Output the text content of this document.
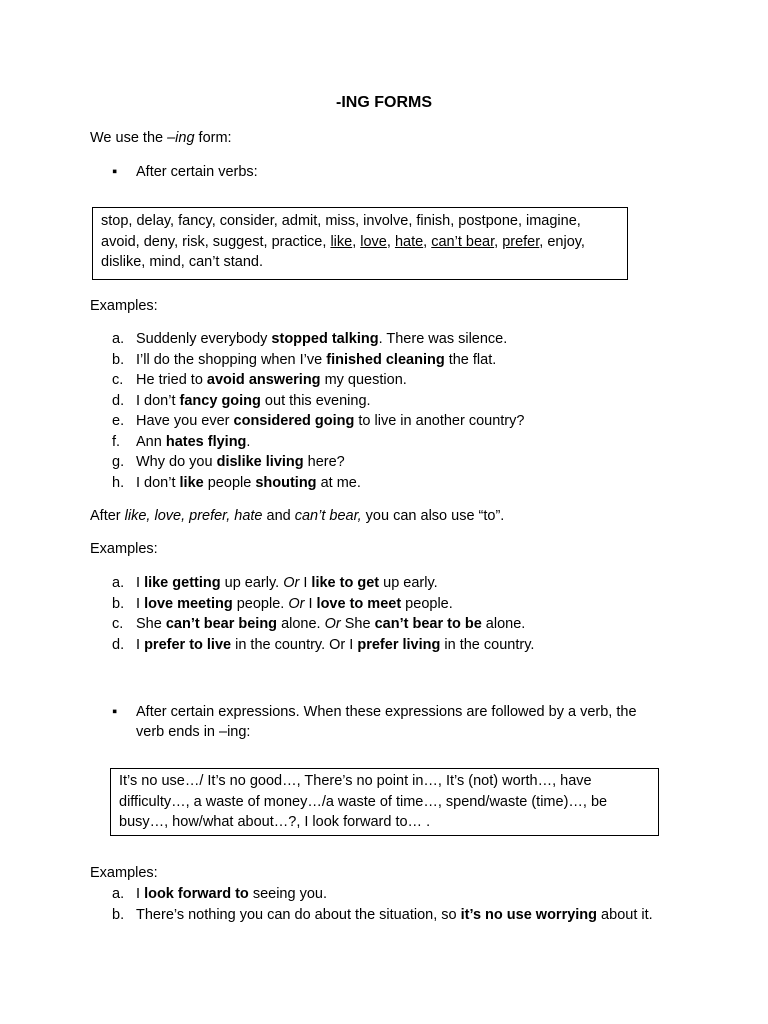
-ING FORMS
We use the –ing form:
▪ After certain verbs:
stop, delay, fancy, consider, admit, miss, involve, finish, postpone, imagine,
avoid, deny, risk, suggest, practice, like, love, hate, can’t bear, prefer, enjoy,
dislike, mind, can’t stand.
Examples:
a. Suddenly everybody stopped talking. There was silence.
b. I’ll do the shopping when I’ve finished cleaning the flat.
c. He tried to avoid answering my question.
d. I don’t fancy going out this evening.
e. Have you ever considered going to live in another country?
f.	Ann hates flying.
g. Why do you dislike living here?
h. I don’t like people shouting at me.
After like, love, prefer, hate and can’t bear, you can also use “to”.
Examples:
a. I like getting up early. Or I like to get up early.
b. I love meeting people. Or I love to meet people.
c. She can’t bear being alone. Or She can’t bear to be alone.
d. I prefer to live in the country. Or I prefer living in the country.
▪ After certain expressions. When these expressions are followed by a verb, the
verb ends in –ing:
It’s no use…/ It’s no good…, There’s no point in…, It’s (not) worth…, have
difficulty…, a waste of money…/a waste of time…, spend/waste (time)…, be
busy…, how/what about…?, I look forward to… .
Examples:
a. I look forward to seeing you.
b. There’s nothing you can do about the situation, so it’s no use worrying about it.
